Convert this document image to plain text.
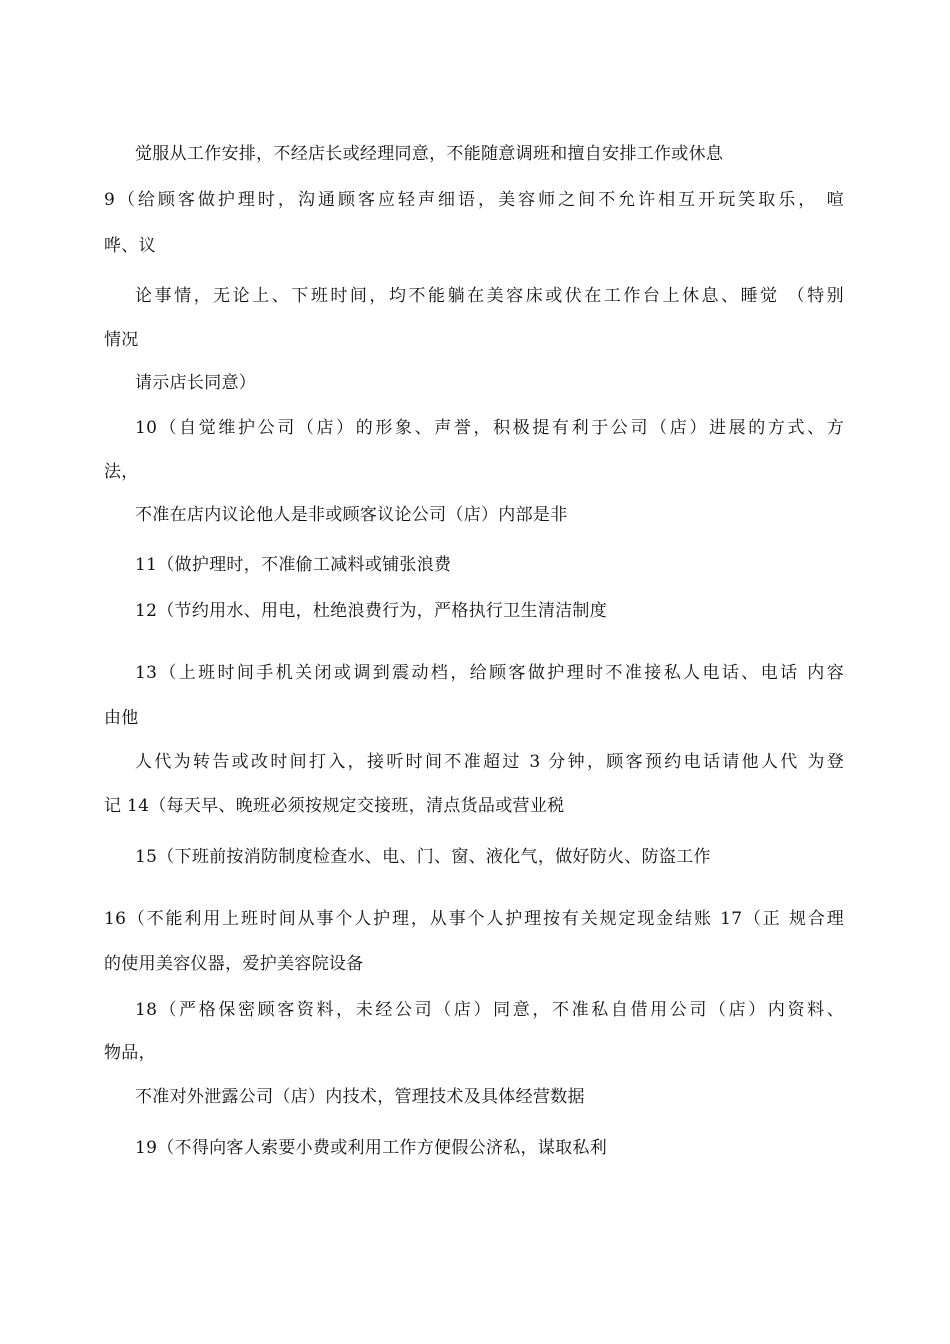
觉服从工作安排，不经店长或经理同意，不能随意调班和擅自安排工作或休息
9（给顾客做护理时，沟通顾客应轻声细语，美容师之间不允许相互开玩笑取乐， 喧
哗、议
论事情，无论上、下班时间，均不能躺在美容床或伏在工作台上休息、睡觉 （特别
情况
请示店长同意）
10（自觉维护公司（店）的形象、声誉，积极提有利于公司（店）进展的方式、方
法，
不准在店内议论他人是非或顾客议论公司（店）内部是非
11（做护理时，不准偷工减料或铺张浪费
12（节约用水、用电，杜绝浪费行为，严格执行卫生清洁制度
13（上班时间手机关闭或调到震动档，给顾客做护理时不准接私人电话、电话 内容
由他
人代为转告或改时间打入，接听时间不准超过 3 分钟，顾客预约电话请他人代 为登
记 14（每天早、晚班必须按规定交接班，清点货品或营业税
15（下班前按消防制度检查水、电、门、窗、液化气，做好防火、防盗工作
16（不能利用上班时间从事个人护理，从事个人护理按有关规定现金结账 17（正 规合理
的使用美容仪器，爱护美容院设备
18（严格保密顾客资料，未经公司（店）同意，不准私自借用公司（店）内资料、
物品，
不准对外泄露公司（店）内技术，管理技术及具体经营数据
19（不得向客人索要小费或利用工作方便假公济私，谋取私利
